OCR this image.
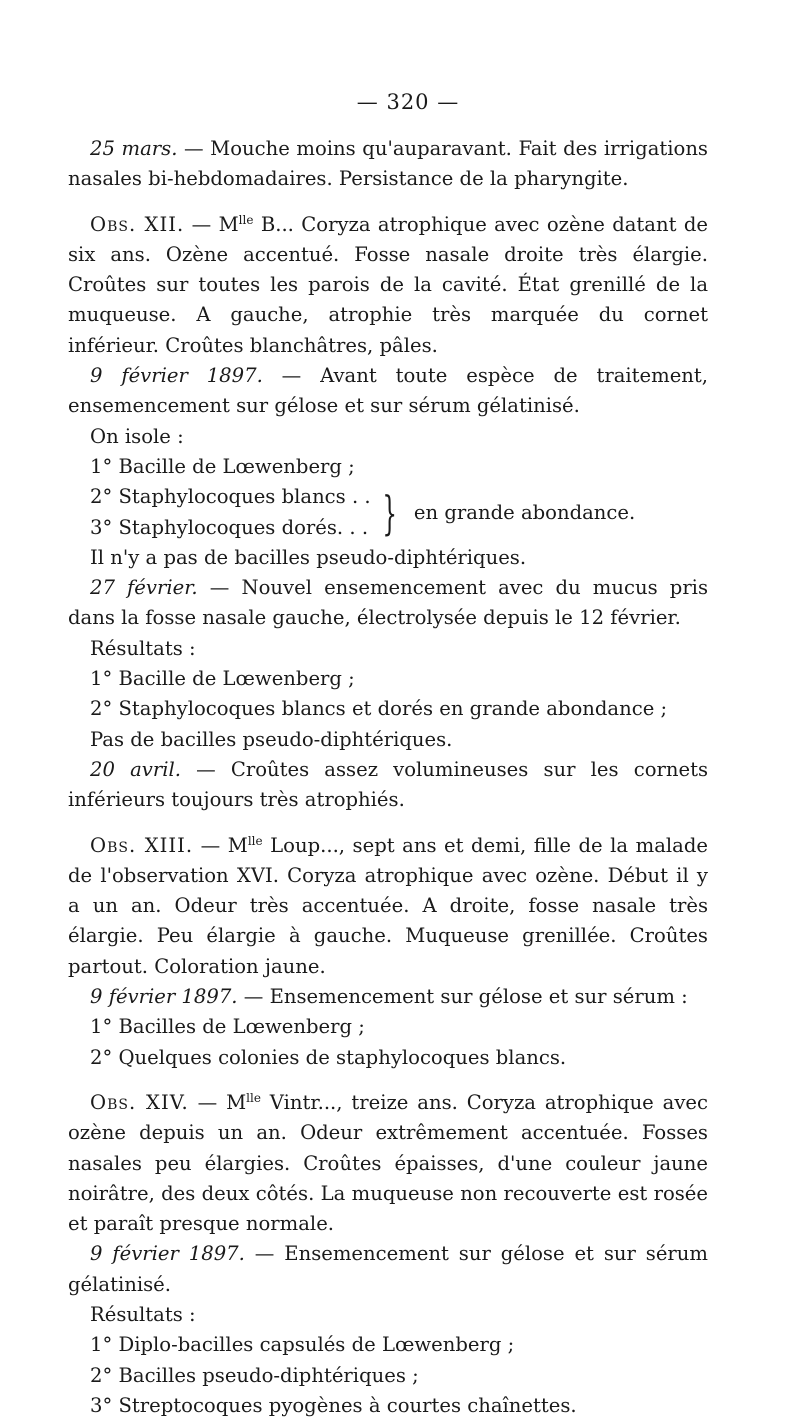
— 320 —

25 mars. — Mouche moins qu'auparavant. Fait des irrigations nasales bi-hebdomadaires. Persistance de la pharyngite.

Obs. XII. — $M^{lle}$ B... Coryza atrophique avec ozène datant de six ans. Ozène accentué. Fosse nasale droite très élargie. Croûtes sur toutes les parois de la cavité. État grenillé de la muqueuse. A gauche, atrophie très marquée du cornet inférieur. Croûtes blanchâtres, pâles.

9 février 1897. — Avant toute espèce de traitement, ensemencement sur gélose et sur sérum gélatinisé.

On isole :

1° Bacille de Lœwenberg ;

2° Staphylocoques blancs . .

3° Staphylocoques dorés. . . } en grande abondance.

Il n'y a pas de bacilles pseudo-diphtériques.

27 février. — Nouvel ensemencement avec du mucus pris dans la fosse nasale gauche, électrolysée depuis le 12 février.

Résultats :

1° Bacille de Lœwenberg ;

2° Staphylocoques blancs et dorés en grande abondance ;

Pas de bacilles pseudo-diphtériques.

20 avril. — Croûtes assez volumineuses sur les cornets inférieurs toujours très atrophiés.

Obs. XIII. — $M^{lle}$ Loup..., sept ans et demi, fille de la malade de l'observation XVI. Coryza atrophique avec ozène. Début il y a un an. Odeur très accentuée. A droite, fosse nasale très élargie. Peu élargie à gauche. Muqueuse grenillée. Croûtes partout. Coloration jaune.

9 février 1897. — Ensemencement sur gélose et sur sérum :

1° Bacilles de Lœwenberg ;

2° Quelques colonies de staphylocoques blancs.

Obs. XIV. — $M^{lle}$ Vintr..., treize ans. Coryza atrophique avec ozène depuis un an. Odeur extrêmement accentuée. Fosses nasales peu élargies. Croûtes épaisses, d'une couleur jaune noirâtre, des deux côtés. La muqueuse non recouverte est rosée et paraît presque normale.

9 février 1897. — Ensemencement sur gélose et sur sérum gélatinisé.

Résultats :

1° Diplo-bacilles capsulés de Lœwenberg ;

2° Bacilles pseudo-diphtériques ;

3° Streptocoques pyogènes à courtes chaînettes.
